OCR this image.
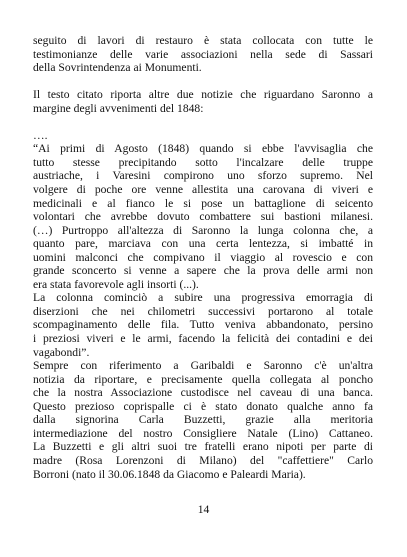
seguito di lavori di restauro è stata collocata con tutte le
testimonianze delle varie associazioni nella sede di Sassari
della Sovrintendenza ai Monumenti.
Il testo citato riporta altre due notizie che riguardano Saronno a
margine degli avvenimenti del 1848:
….
“Ai primi di Agosto (1848) quando si ebbe l'avvisaglia che
tutto stesse precipitando sotto l'incalzare delle truppe
austriache, i Varesini compirono uno sforzo supremo. Nel
volgere di poche ore venne allestita una carovana di viveri e
medicinali e al fianco le si pose un battaglione di seicento
volontari che avrebbe dovuto combattere sui bastioni milanesi.
(…) Purtroppo all'altezza di Saronno la lunga colonna che, a
quanto pare, marciava con una certa lentezza, si imbatté in
uomini malconci che compivano il viaggio al rovescio e con
grande sconcerto si venne a sapere che la prova delle armi non
era stata favorevole agli insorti (...).
La colonna cominciò a subire una progressiva emorragia di
diserzioni che nei chilometri successivi portarono al totale
scompaginamento delle fila. Tutto veniva abbandonato, persino
i preziosi viveri e le armi, facendo la felicità dei contadini e dei
vagabondi”.
Sempre con riferimento a Garibaldi e Saronno c'è un'altra
notizia da riportare, e precisamente quella collegata al poncho
che la nostra Associazione custodisce nel caveau di una banca.
Questo prezioso coprispalle ci è stato donato qualche anno fa
dalla signorina Carla Buzzetti, grazie alla meritoria
intermediazione del nostro Consigliere Natale (Lino) Cattaneo.
La Buzzetti e gli altri suoi tre fratelli erano nipoti per parte di
madre (Rosa Lorenzoni di Milano) del "caffettiere" Carlo
Borroni (nato il 30.06.1848 da Giacomo e Paleardi Maria).
14
